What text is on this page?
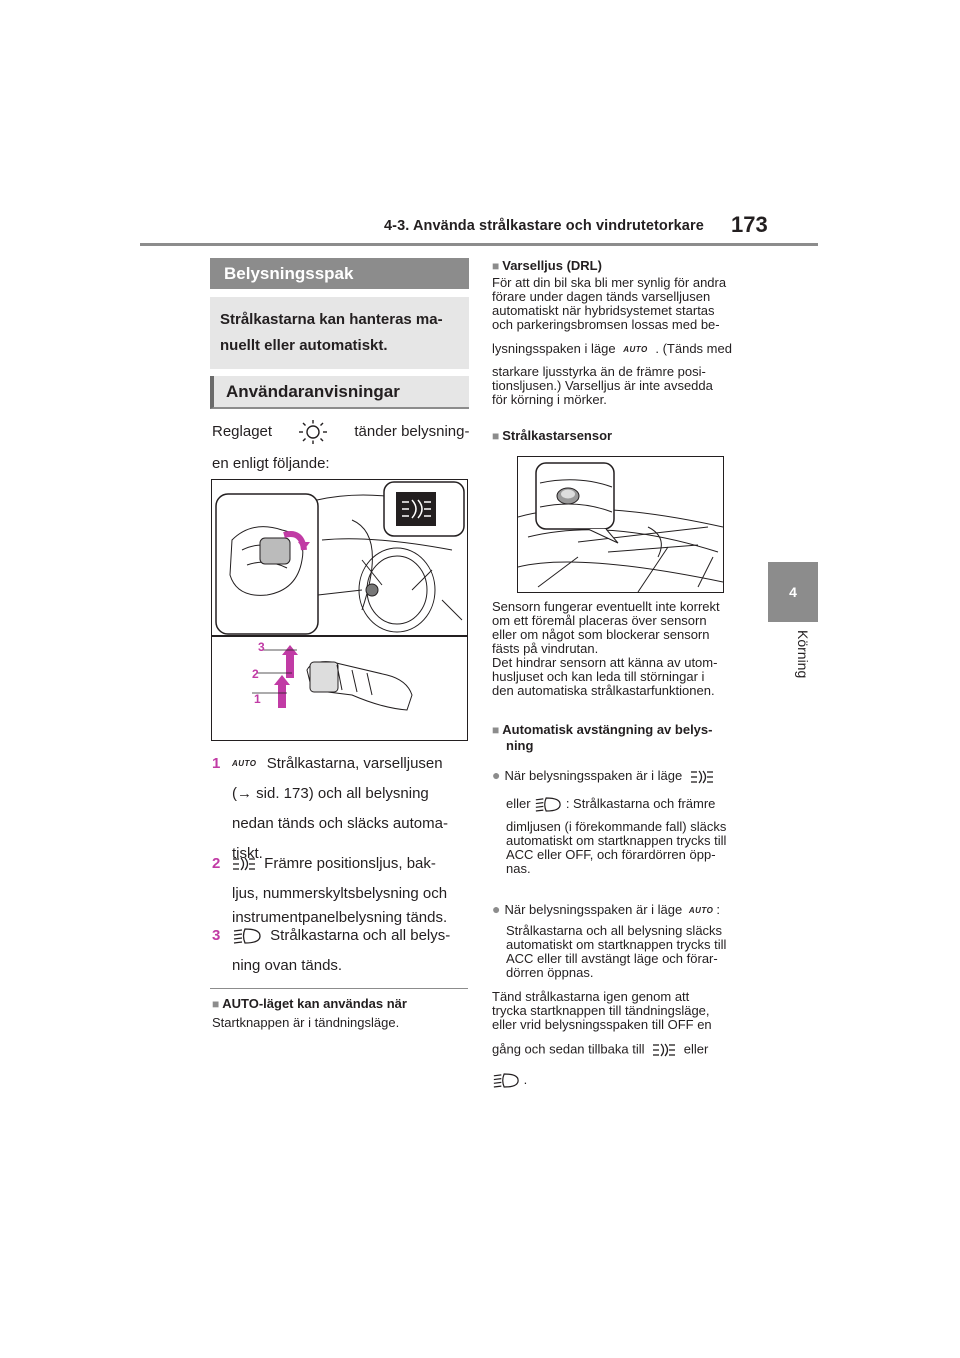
4-3. Använda strålkastare och vindrutetorkare 173
4
Körning
Belysningsspak
Strålkastarna kan hanteras ma-
nuellt eller automatiskt.
Användaranvisningar
Reglaget	tänder belysning-
en enligt följande:
3
2
1
1 AUTO Strålkastarna, varselljusen
(→ sid. 173) och all belysning
nedan tänds och släcks automa-
tiskt.
2	Främre positionsljus, bak-
ljus, nummerskyltsbelysning och
instrumentpanelbelysning tänds.
3	Strålkastarna och all belys-
ning ovan tänds.
■ AUTO-läget kan användas när
Startknappen är i tändningsläge.
■ Varselljus (DRL)
För att din bil ska bli mer synlig för andra
förare under dagen tänds varselljusen
automatiskt när hybridsystemet startas
och parkeringsbromsen lossas med be-
lysningsspaken i läge AUTO . (Tänds med
starkare ljusstyrka än de främre posi-
tionsljusen.) Varselljus är inte avsedda
för körning i mörker.
■ Strålkastarsensor
Sensorn fungerar eventuellt inte korrekt
om ett föremål placeras över sensorn
eller om något som blockerar sensorn
fästs på vindrutan.
Det hindrar sensorn att känna av utom-
husljuset och kan leda till störningar i
den automatiska strålkastarfunktionen.
■ Automatisk avstängning av belys-
ning
● När belysningsspaken är i läge
eller	: Strålkastarna och främre
dimljusen (i förekommande fall) släcks
automatiskt om startknappen trycks till
ACC eller OFF, och förardörren öpp-
nas.
● När belysningsspaken är i läge AUTO :
Strålkastarna och all belysning släcks
automatiskt om startknappen trycks till
ACC eller till avstängt läge och förar-
dörren öppnas.
Tänd strålkastarna igen genom att
trycka startknappen till tändningsläge,
eller vrid belysningsspaken till OFF en
gång och sedan tillbaka till	eller
.
